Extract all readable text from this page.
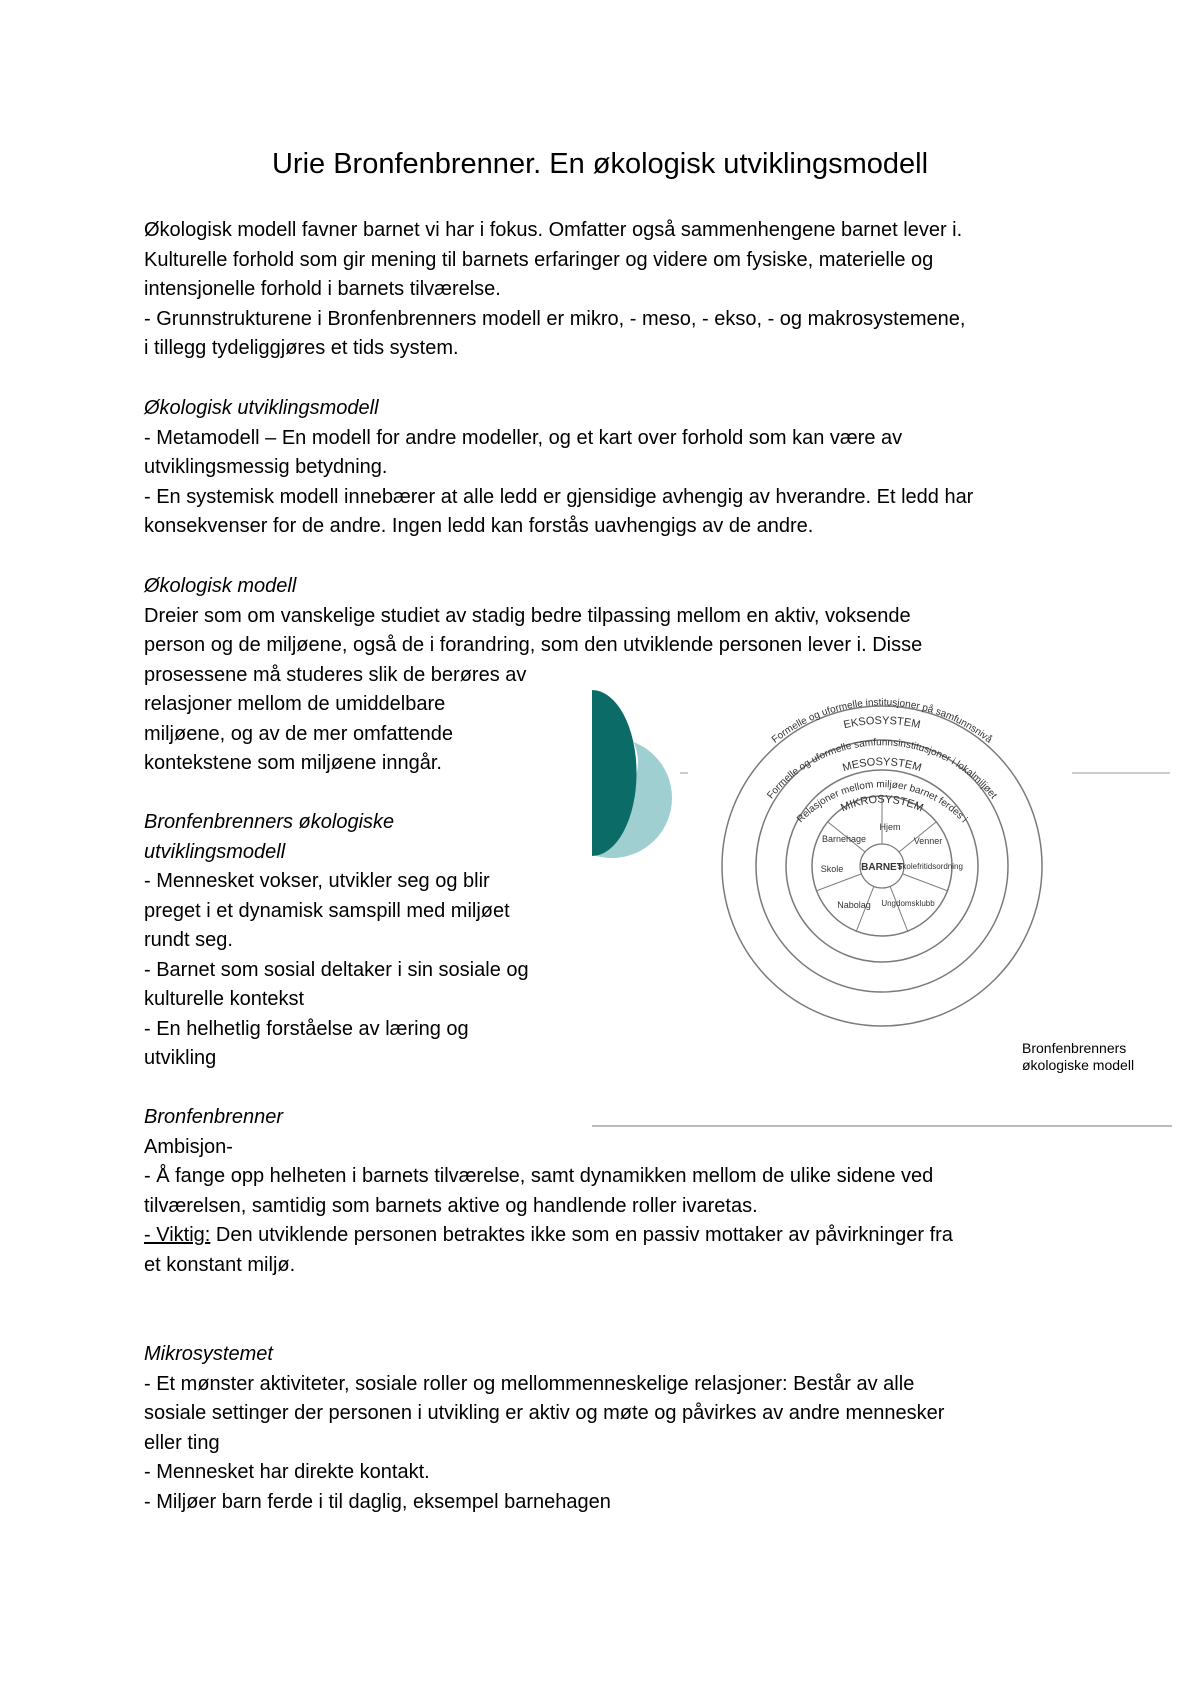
Urie Bronfenbrenner. En økologisk utviklingsmodell
Økologisk modell favner barnet vi har i fokus. Omfatter også sammenhengene barnet lever i.
Kulturelle forhold som gir mening til barnets erfaringer og videre om fysiske, materielle og
intensjonelle forhold i barnets tilværelse.
- Grunnstrukturene i Bronfenbrenners modell er mikro, - meso, - ekso, - og makrosystemene,
i tillegg tydeliggjøres et tids system.
Økologisk utviklingsmodell
- Metamodell – En modell for andre modeller, og et kart over forhold som kan være av
utviklingsmessig betydning.
- En systemisk modell innebærer at alle ledd er gjensidige avhengig av hverandre. Et ledd har
konsekvenser for de andre. Ingen ledd kan forstås uavhengigs av de andre.
Økologisk modell
Dreier som om vanskelige studiet av stadig bedre tilpassing mellom en aktiv, voksende
person og de miljøene, også de i forandring, som den utviklende personen lever i. Disse
prosessene må studeres slik de berøres av
relasjoner mellom de umiddelbare
miljøene, og av de mer omfattende
kontekstene som miljøene inngår.
Bronfenbrenners økologiske
utviklingsmodell
- Mennesket vokser, utvikler seg og blir
preget i et dynamisk samspill med miljøet
rundt seg.
- Barnet som sosial deltaker i sin sosiale og
kulturelle kontekst
- En helhetlig forståelse av læring og
utvikling
Bronfenbrenner
Ambisjon-
- Å fange opp helheten i barnets tilværelse, samt dynamikken mellom de ulike sidene ved
tilværelsen, samtidig som barnets aktive og handlende roller ivaretas.
- Viktig: Den utviklende personen betraktes ikke som en passiv mottaker av påvirkninger fra
et konstant miljø.
Mikrosystemet
- Et mønster aktiviteter, sosiale roller og mellommenneskelige relasjoner: Består av alle
sosiale settinger der personen i utvikling er aktiv og møte og påvirkes av andre mennesker
eller ting
- Mennesket har direkte kontakt.
- Miljøer barn ferde i til daglig, eksempel barnehagen
Formelle og uformelle institusjoner på samfunnsnivå
EKSOSYSTEM
Formelle og uformelle samfunnsinstitusjoner i lokalmiljøet
MESOSYSTEM
Relasjoner mellom miljøer barnet ferdes i
MIKROSYSTEM
BARNET
Hjem
Venner
Skolefritidsordning
Ungdomsklubb
Nabolag
Skole
Barnehage
Bronfenbrenners
økologiske modell
